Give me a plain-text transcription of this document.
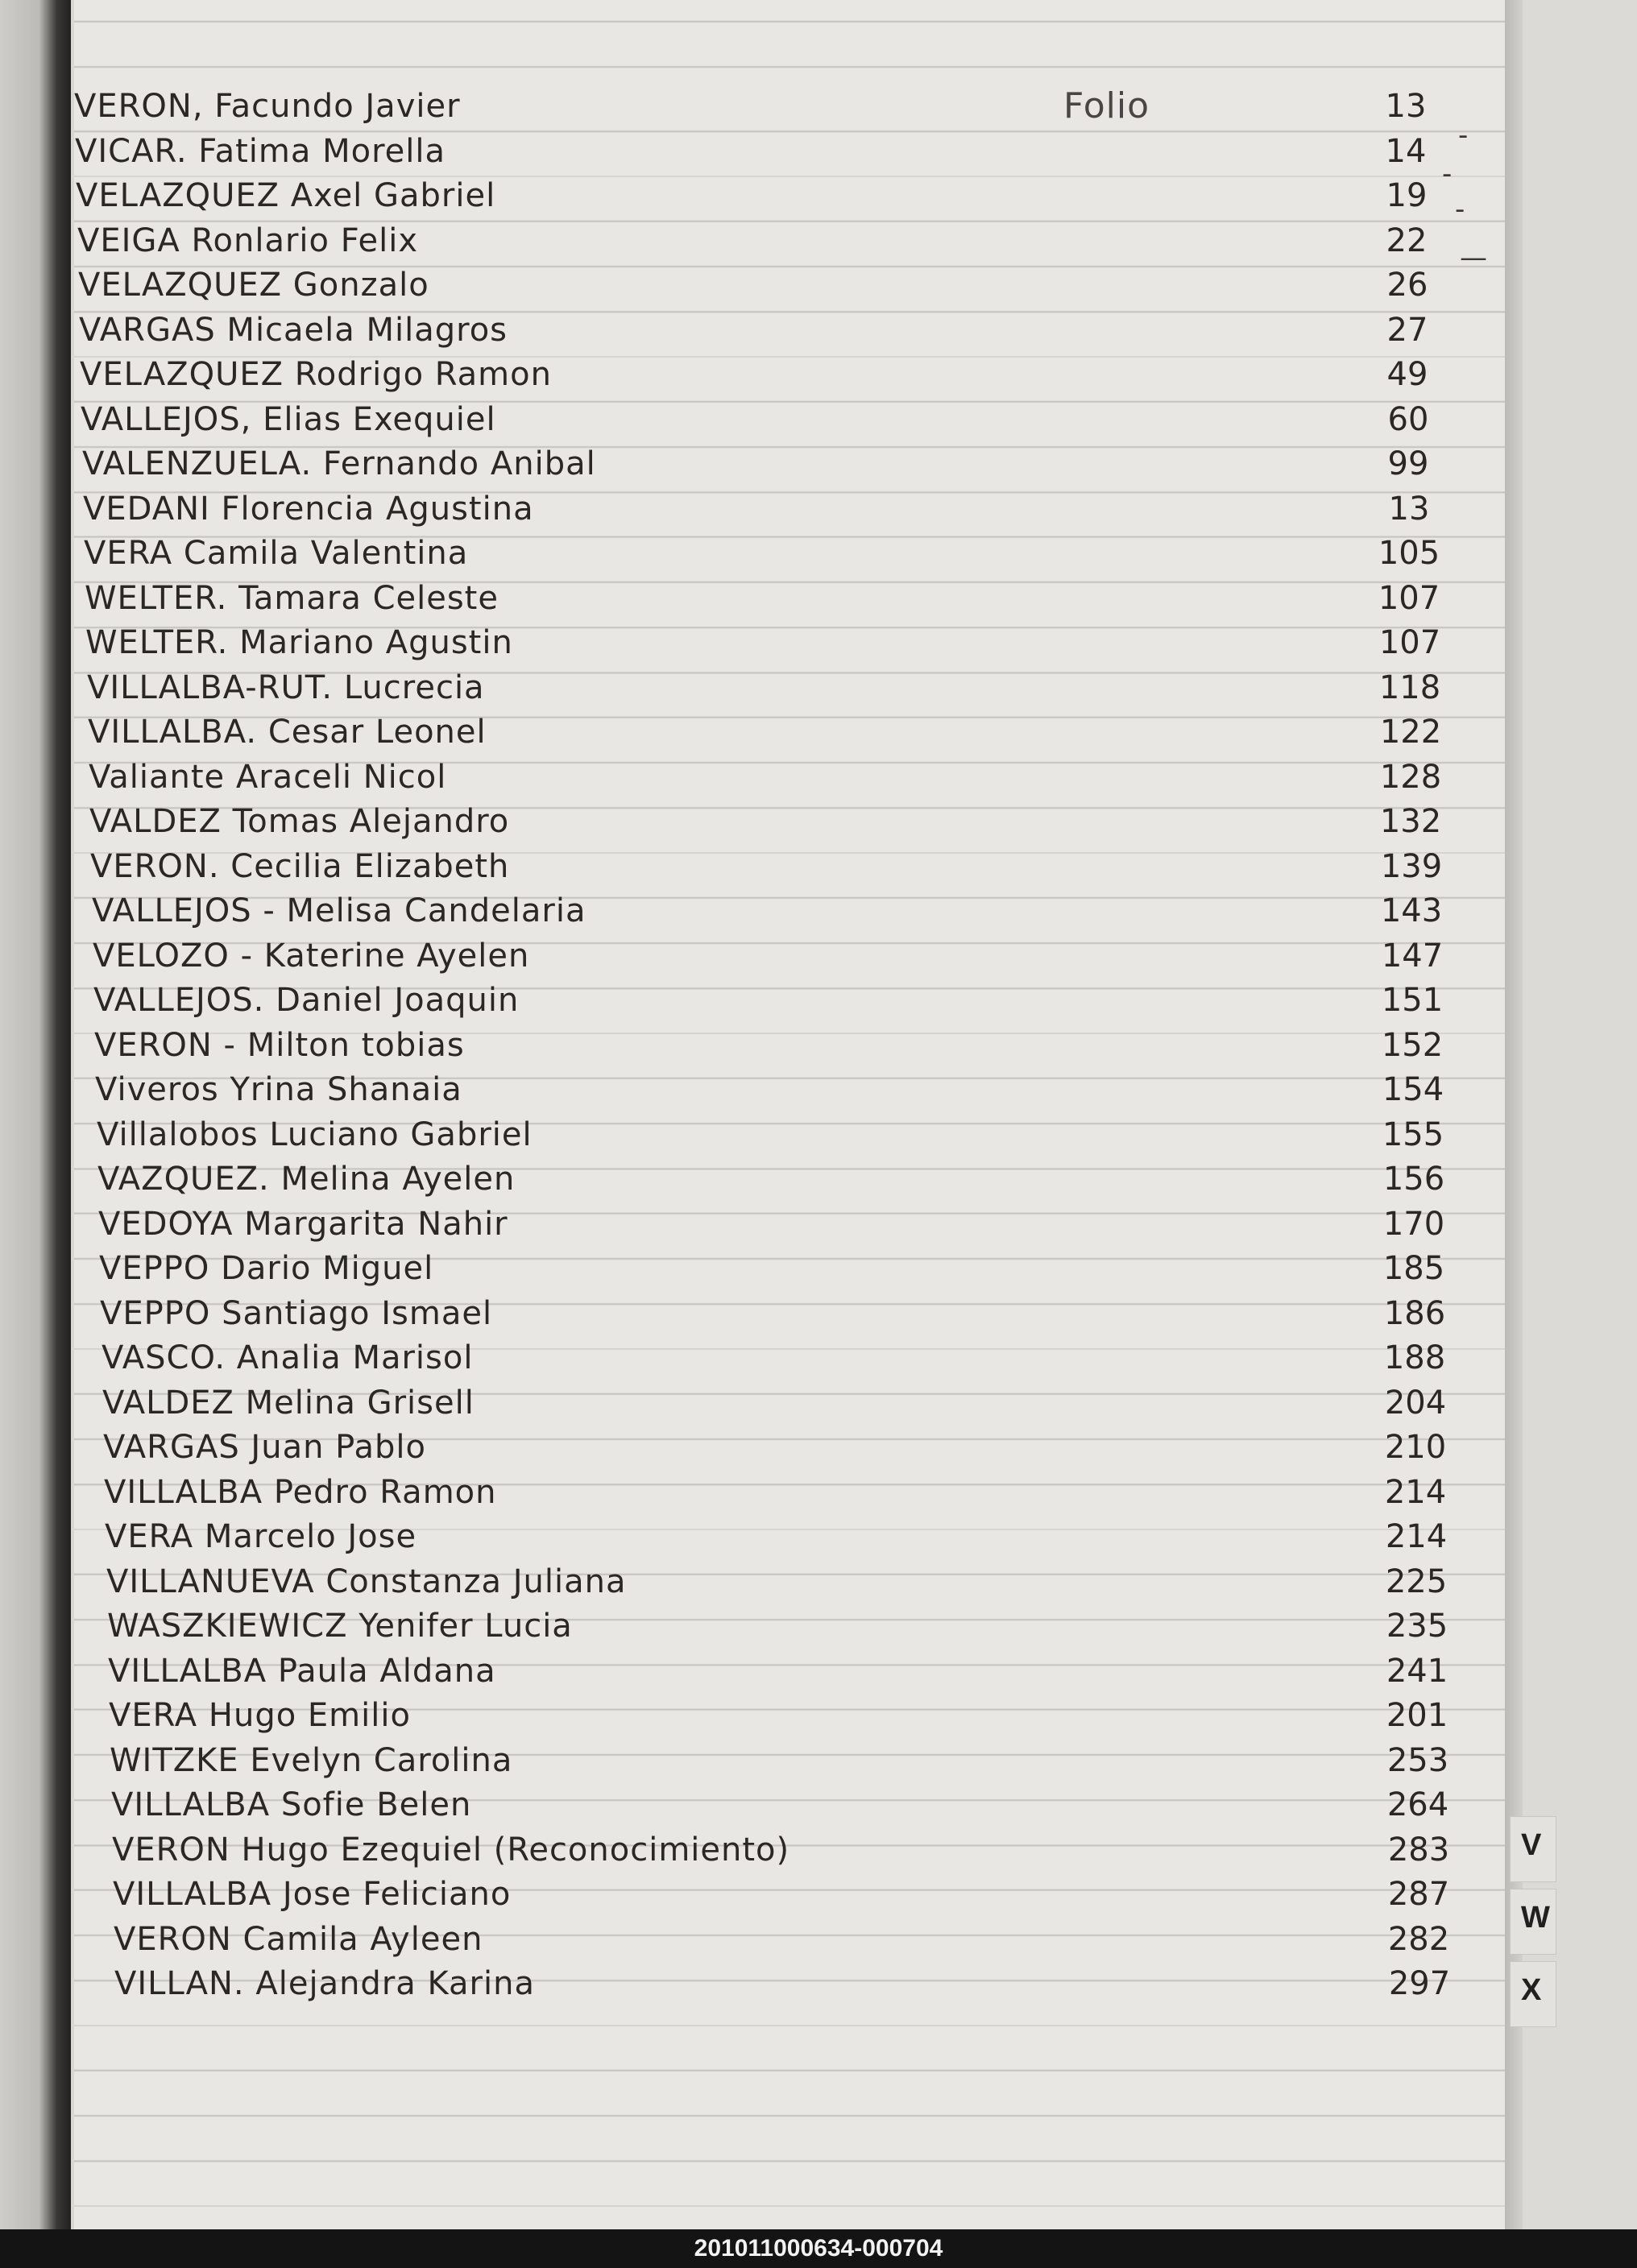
Folio
VERON, Facundo Javier	13
VICAR. Fatima Morella	14
VELAZQUEZ Axel Gabriel	19
VEIGA Ronlario Felix	22
VELAZQUEZ Gonzalo	26
VARGAS Micaela Milagros	27
VELAZQUEZ Rodrigo Ramon	49
VALLEJOS, Elias Exequiel	60
VALENZUELA. Fernando Anibal	99
VEDANI Florencia Agustina	13
VERA Camila Valentina	105
WELTER. Tamara Celeste	107
WELTER. Mariano Agustin	107
VILLALBA-RUT. Lucrecia	118
VILLALBA. Cesar Leonel	122
Valiante Araceli Nicol	128
VALDEZ Tomas Alejandro	132
VERON. Cecilia Elizabeth	139
VALLEJOS - Melisa Candelaria	143
VELOZO - Katerine Ayelen	147
VALLEJOS. Daniel Joaquin	151
VERON - Milton tobias	152
Viveros Yrina Shanaia	154
Villalobos Luciano Gabriel	155
VAZQUEZ. Melina Ayelen	156
VEDOYA Margarita Nahir	170
VEPPO Dario Miguel	185
VEPPO Santiago Ismael	186
VASCO. Analia Marisol	188
VALDEZ Melina Grisell	204
VARGAS Juan Pablo	210
VILLALBA Pedro Ramon	214
VERA Marcelo Jose	214
VILLANUEVA Constanza Juliana	225
WASZKIEWICZ Yenifer Lucia	235
VILLALBA Paula Aldana	241
VERA Hugo Emilio	201
WITZKE Evelyn Carolina	253
VILLALBA Sofie Belen	264
VERON Hugo Ezequiel (Reconocimiento)	283
VILLALBA Jose Feliciano	287
VERON Camila Ayleen	282
VILLAN. Alejandra Karina	297
-
-
-
—
V
W
X
201011000634-000704
